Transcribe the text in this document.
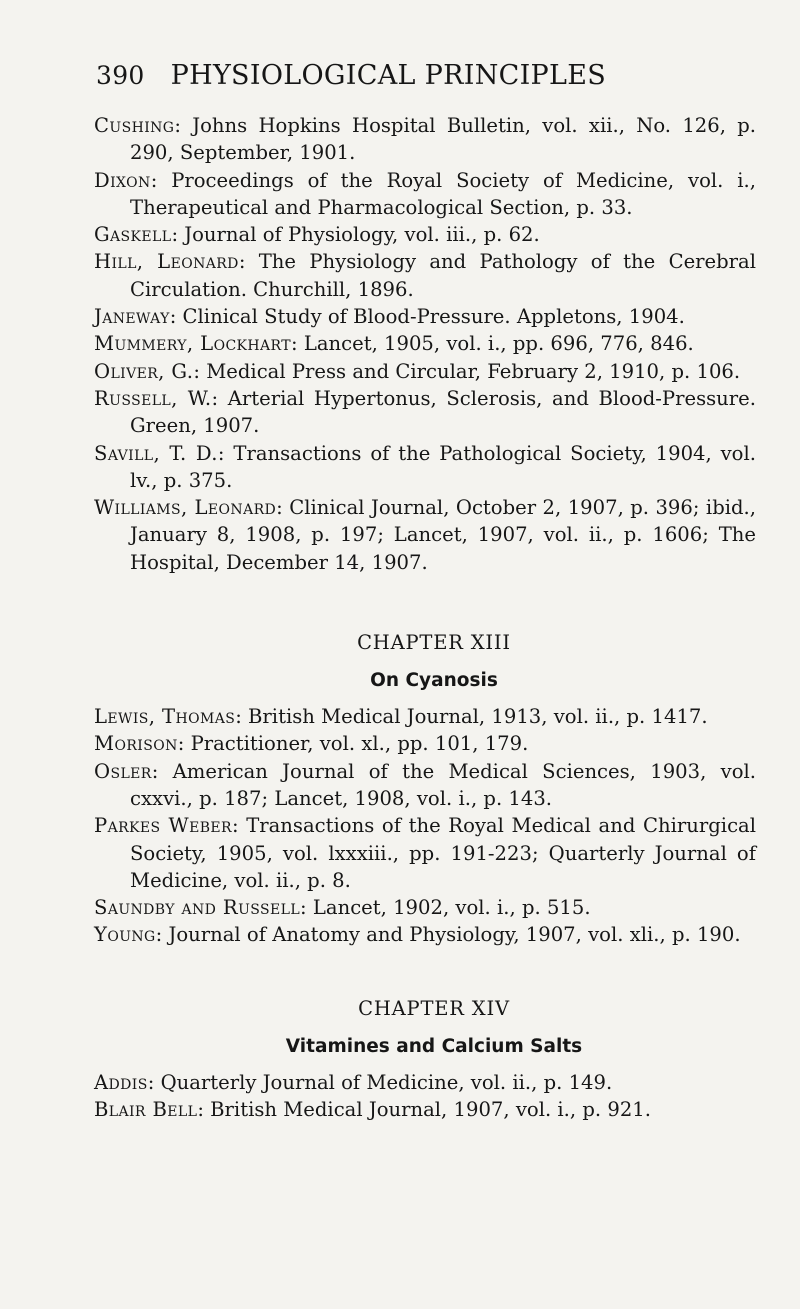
390 PHYSIOLOGICAL PRINCIPLES

Cushing: Johns Hopkins Hospital Bulletin, vol. xii., No. 126, p. 290, September, 1901.

Dixon: Proceedings of the Royal Society of Medicine, vol. i., Therapeutical and Pharmacological Section, p. 33.

Gaskell: Journal of Physiology, vol. iii., p. 62.

Hill, Leonard: The Physiology and Pathology of the Cerebral Circulation. Churchill, 1896.

Janeway: Clinical Study of Blood-Pressure. Appletons, 1904.

Mummery, Lockhart: Lancet, 1905, vol. i., pp. 696, 776, 846.

Oliver, G.: Medical Press and Circular, February 2, 1910, p. 106.

Russell, W.: Arterial Hypertonus, Sclerosis, and Blood-Pressure. Green, 1907.

Savill, T. D.: Transactions of the Pathological Society, 1904, vol. lv., p. 375.

Williams, Leonard: Clinical Journal, October 2, 1907, p. 396; ibid., January 8, 1908, p. 197; Lancet, 1907, vol. ii., p. 1606; The Hospital, December 14, 1907.

CHAPTER XIII

On Cyanosis

Lewis, Thomas: British Medical Journal, 1913, vol. ii., p. 1417.

Morison: Practitioner, vol. xl., pp. 101, 179.

Osler: American Journal of the Medical Sciences, 1903, vol. cxxvi., p. 187; Lancet, 1908, vol. i., p. 143.

Parkes Weber: Transactions of the Royal Medical and Chirurgical Society, 1905, vol. lxxxiii., pp. 191-223; Quarterly Journal of Medicine, vol. ii., p. 8.

Saundby and Russell: Lancet, 1902, vol. i., p. 515.

Young: Journal of Anatomy and Physiology, 1907, vol. xli., p. 190.

CHAPTER XIV

Vitamines and Calcium Salts

Addis: Quarterly Journal of Medicine, vol. ii., p. 149.

Blair Bell: British Medical Journal, 1907, vol. i., p. 921.
